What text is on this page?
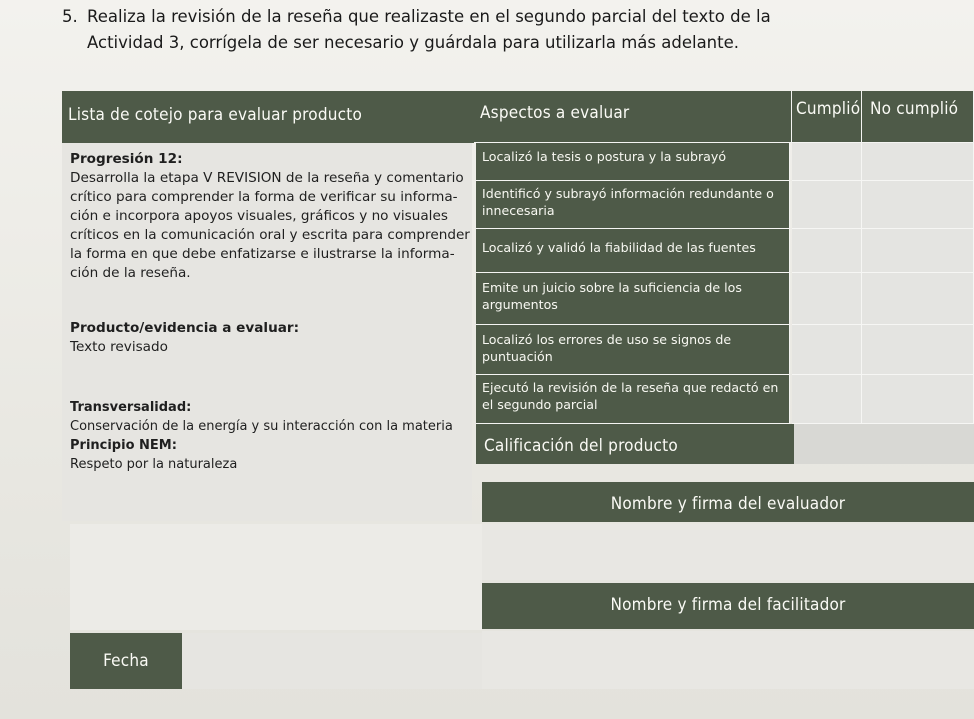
5. Realiza la revisión de la reseña que realizaste en el segundo parcial del texto de la
Actividad 3, corrígela de ser necesario y guárdala para utilizarla más adelante.
Lista de cotejo para evaluar producto
Progresión 12:
Desarrolla la etapa V REVISION de la reseña y comentario
crítico para comprender la forma de verificar su informa-
ción e incorpora apoyos visuales, gráficos y no visuales
críticos en la comunicación oral y escrita para comprender
la forma en que debe enfatizarse e ilustrarse la informa-
ción de la reseña.
Producto/evidencia a evaluar:
Texto revisado
Transversalidad:
Conservación de la energía y su interacción con la materia
Principio NEM:
Respeto por la naturaleza
Aspectos a evaluar	Cumplió No cumplió
Localizó la tesis o postura y la subrayó
Identificó y subrayó información redundante o
innecesaria
Localizó y validó la fiabilidad de las fuentes
Emite un juicio sobre la suficiencia de los
argumentos
Localizó los errores de uso se signos de
puntuación
Ejecutó la revisión de la reseña que redactó en
el segundo parcial
Calificación del producto
Nombre y firma del evaluador
Nombre y firma del facilitador
Fecha
